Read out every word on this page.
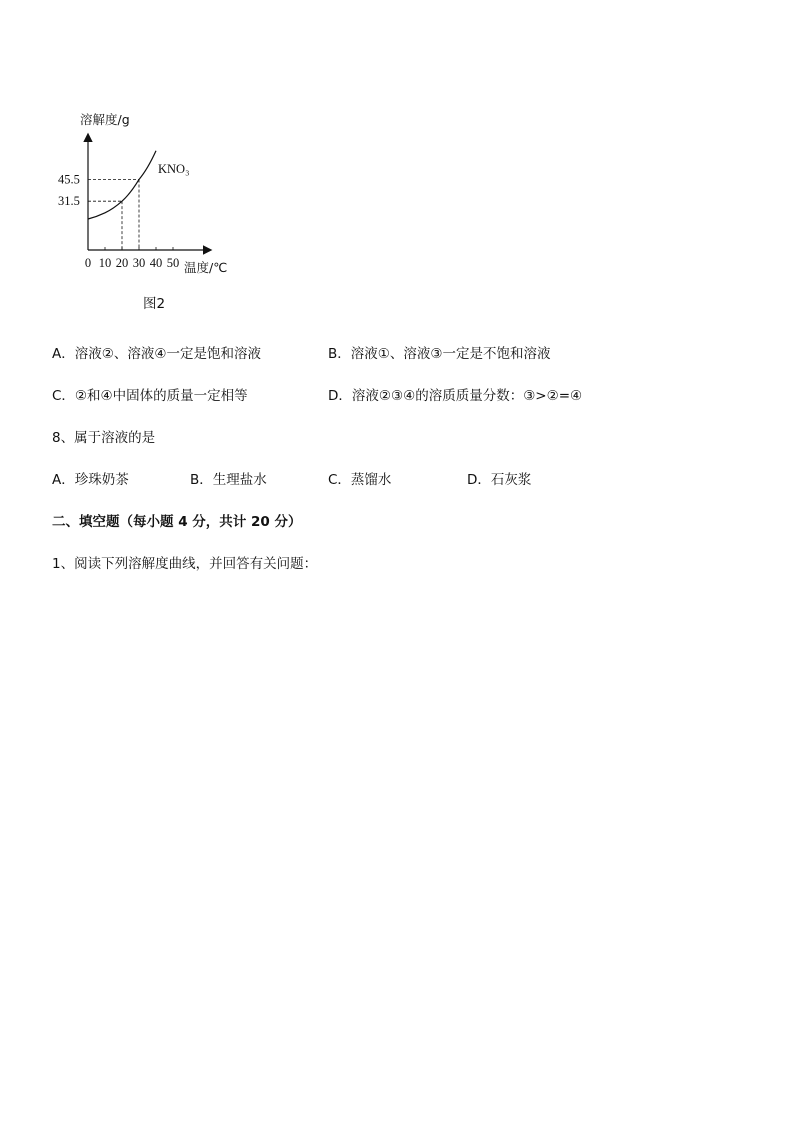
溶解度/g
KNO₃
31.5
45.5
0 10 20 30 40 50 温度/℃
图2
A．溶液②、溶液④一定是饱和溶液	B．溶液①、溶液③一定是不饱和溶液
C．②和④中固体的质量一定相等	D．溶液②③④的溶质质量分数：③>②=④
8、属于溶液的是
A．珍珠奶茶	B．生理盐水	C．蒸馏水	D．石灰浆
二、填空题（每小题 4 分，共计 20 分）
1、阅读下列溶解度曲线，并回答有关问题：
